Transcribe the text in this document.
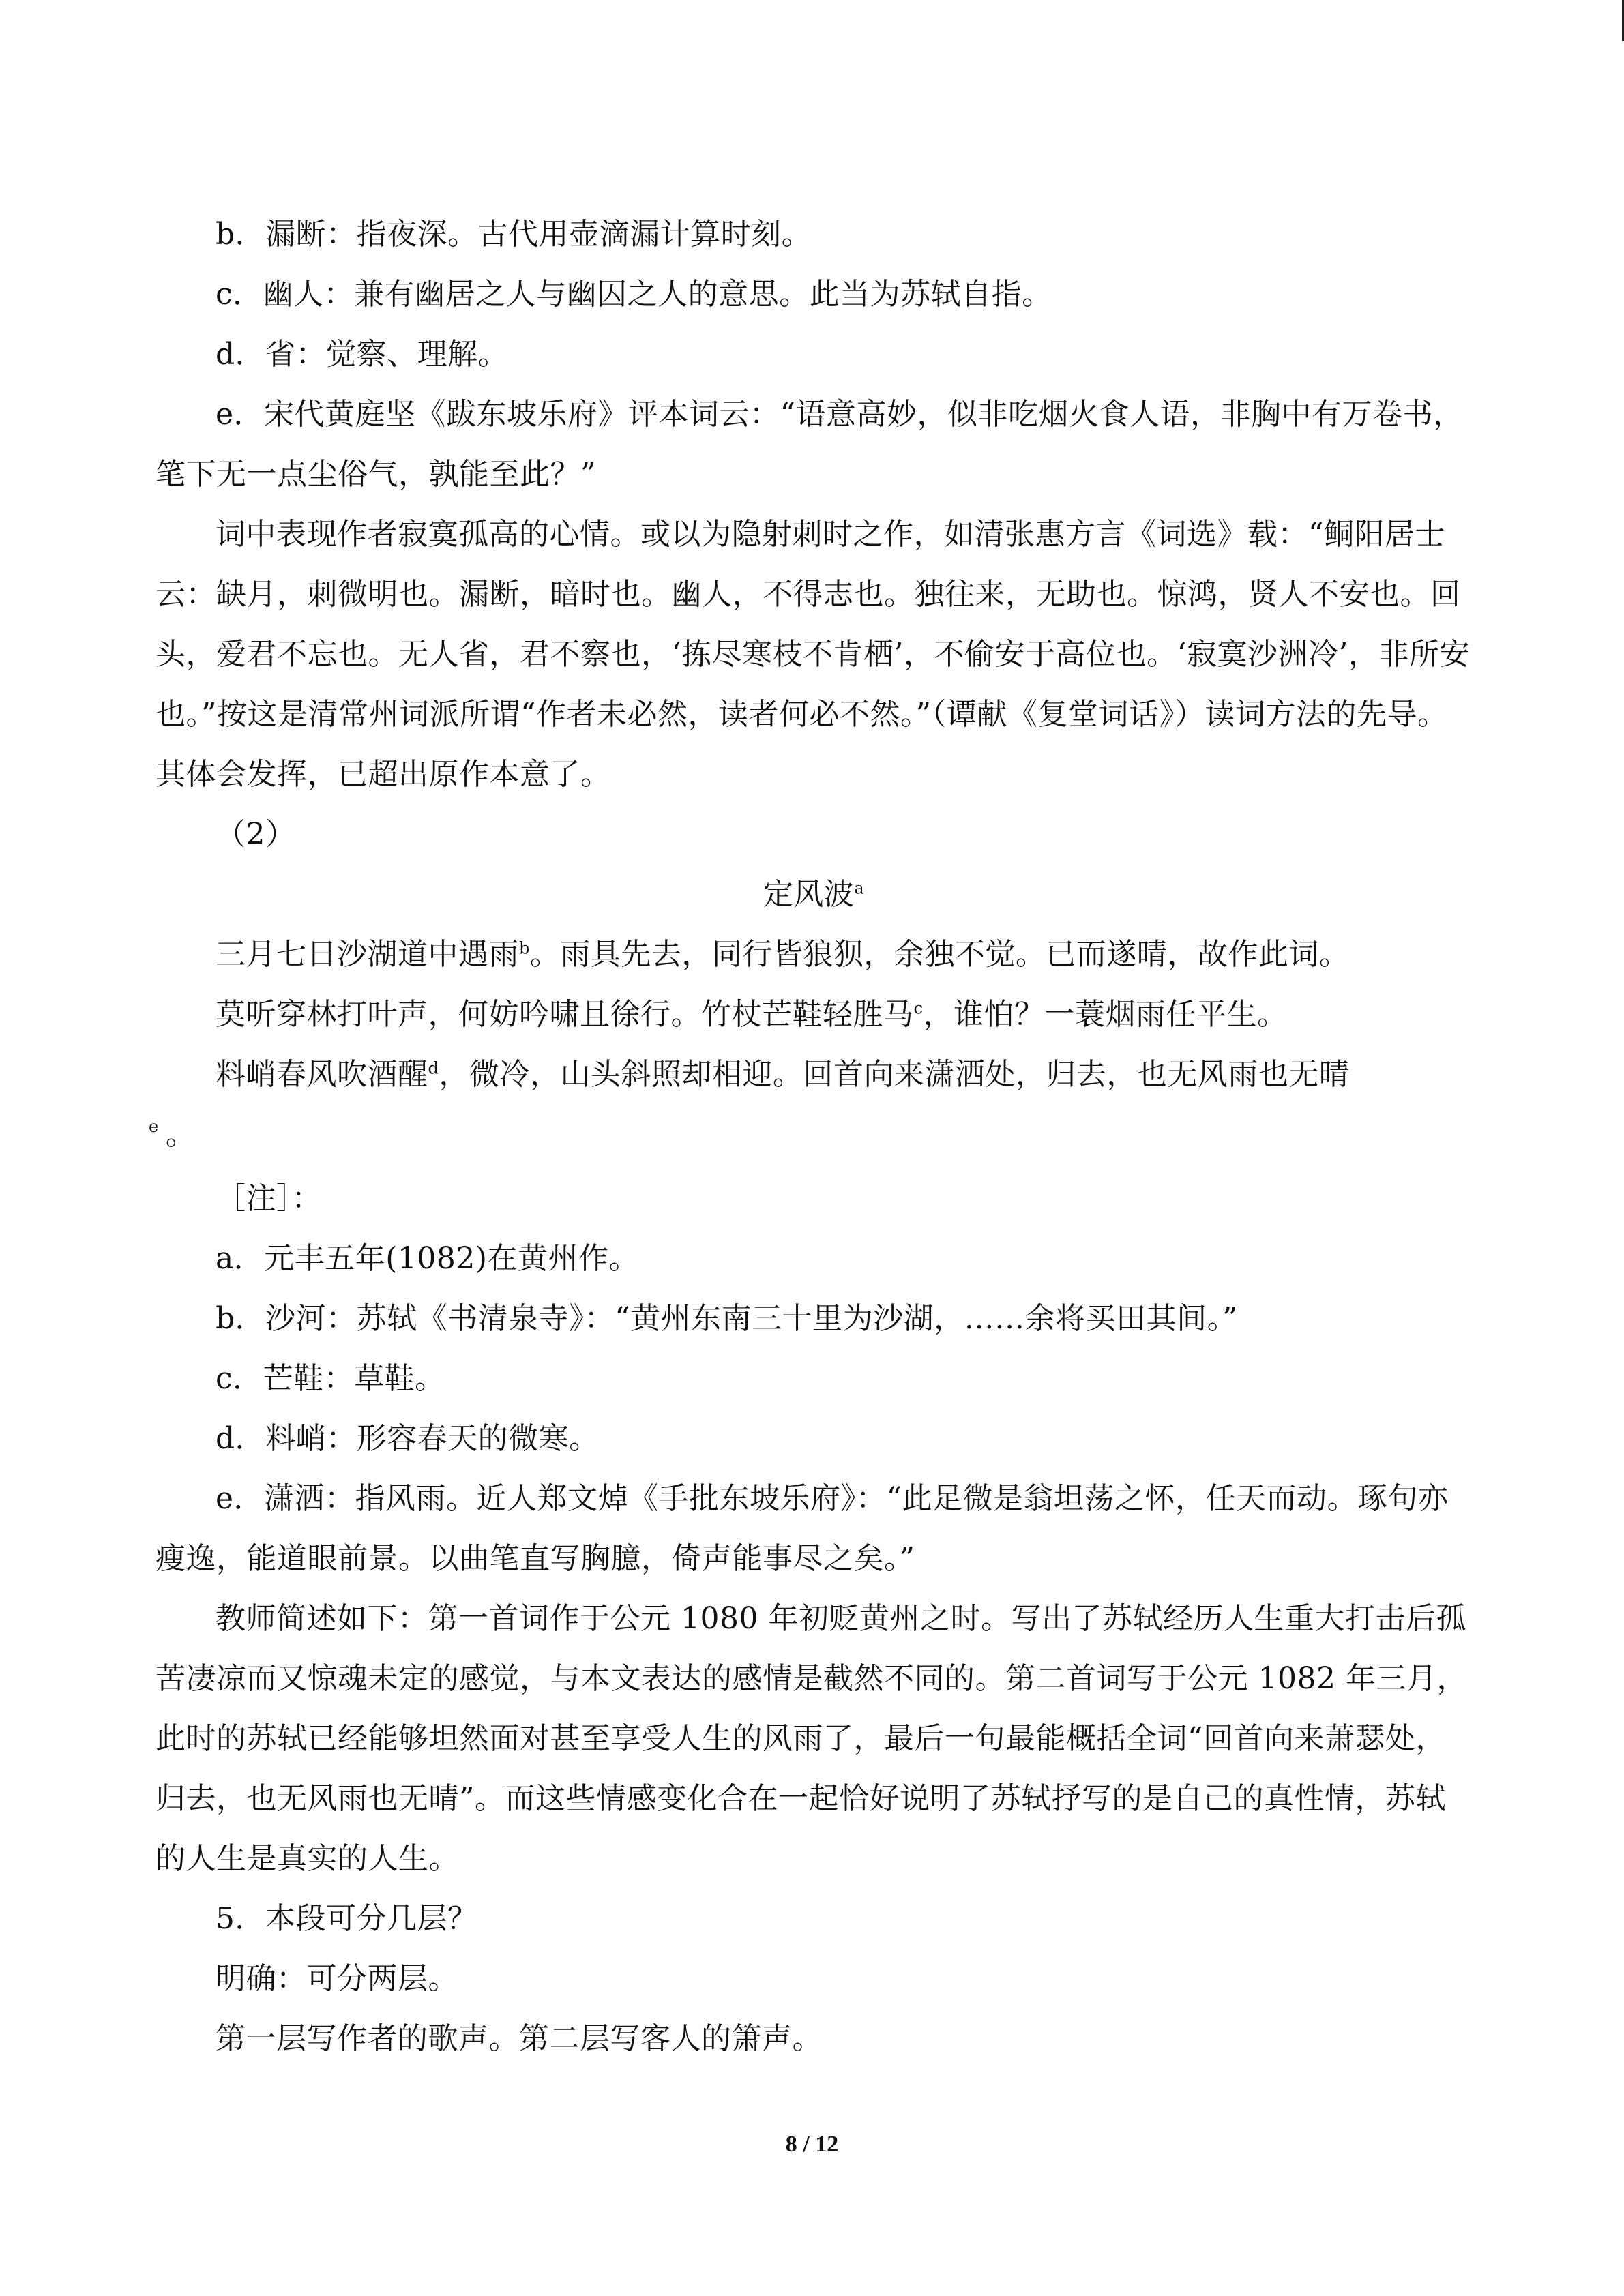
b．漏断：指夜深。古代用壶滴漏计算时刻。

c．幽人：兼有幽居之人与幽囚之人的意思。此当为苏轼自指。

d．省：觉察、理解。

e．宋代黄庭坚《跋东坡乐府》评本词云：“语意高妙，似非吃烟火食人语，非胸中有万卷书，笔下无一点尘俗气，孰能至此？”

词中表现作者寂寞孤高的心情。或以为隐射刺时之作，如清张惠方言《词选》载：“鲖阳居士云：缺月，刺微明也。漏断，暗时也。幽人，不得志也。独往来，无助也。惊鸿，贤人不安也。回头，爱君不忘也。无人省，君不察也，‘拣尽寒枝不肯栖’，不偷安于高位也。‘寂寞沙洲冷’，非所安也。”按这是清常州词派所谓“作者未必然，读者何必不然。”（谭献《复堂词话》）读词方法的先导。其体会发挥，已超出原作本意了。

（2）

定风波$^a$

三月七日沙湖道中遇雨$^b$。雨具先去，同行皆狼狈，余独不觉。已而遂晴，故作此词。

莫听穿林打叶声，何妨吟啸且徐行。竹杖芒鞋轻胜马$^c$，谁怕？一蓑烟雨任平生。

料峭春风吹酒醒$^d$，微冷，山头斜照却相迎。回首向来潇洒处，归去，也无风雨也无晴
$^e$ 。

［注］：

a．元丰五年(1082)在黄州作。

b．沙河：苏轼《书清泉寺》：“黄州东南三十里为沙湖，……余将买田其间。”

c．芒鞋：草鞋。

d．料峭：形容春天的微寒。

e．潇洒：指风雨。近人郑文焯《手批东坡乐府》：“此足微是翁坦荡之怀，任天而动。琢句亦瘦逸，能道眼前景。以曲笔直写胸臆，倚声能事尽之矣。”

教师简述如下：第一首词作于公元 1080 年初贬黄州之时。写出了苏轼经历人生重大打击后孤苦凄凉而又惊魂未定的感觉，与本文表达的感情是截然不同的。第二首词写于公元 1082 年三月，此时的苏轼已经能够坦然面对甚至享受人生的风雨了，最后一句最能概括全词“回首向来萧瑟处，归去，也无风雨也无晴”。而这些情感变化合在一起恰好说明了苏轼抒写的是自己的真性情，苏轼的人生是真实的人生。

5．本段可分几层？

明确：可分两层。

第一层写作者的歌声。第二层写客人的箫声。

8 / 12
